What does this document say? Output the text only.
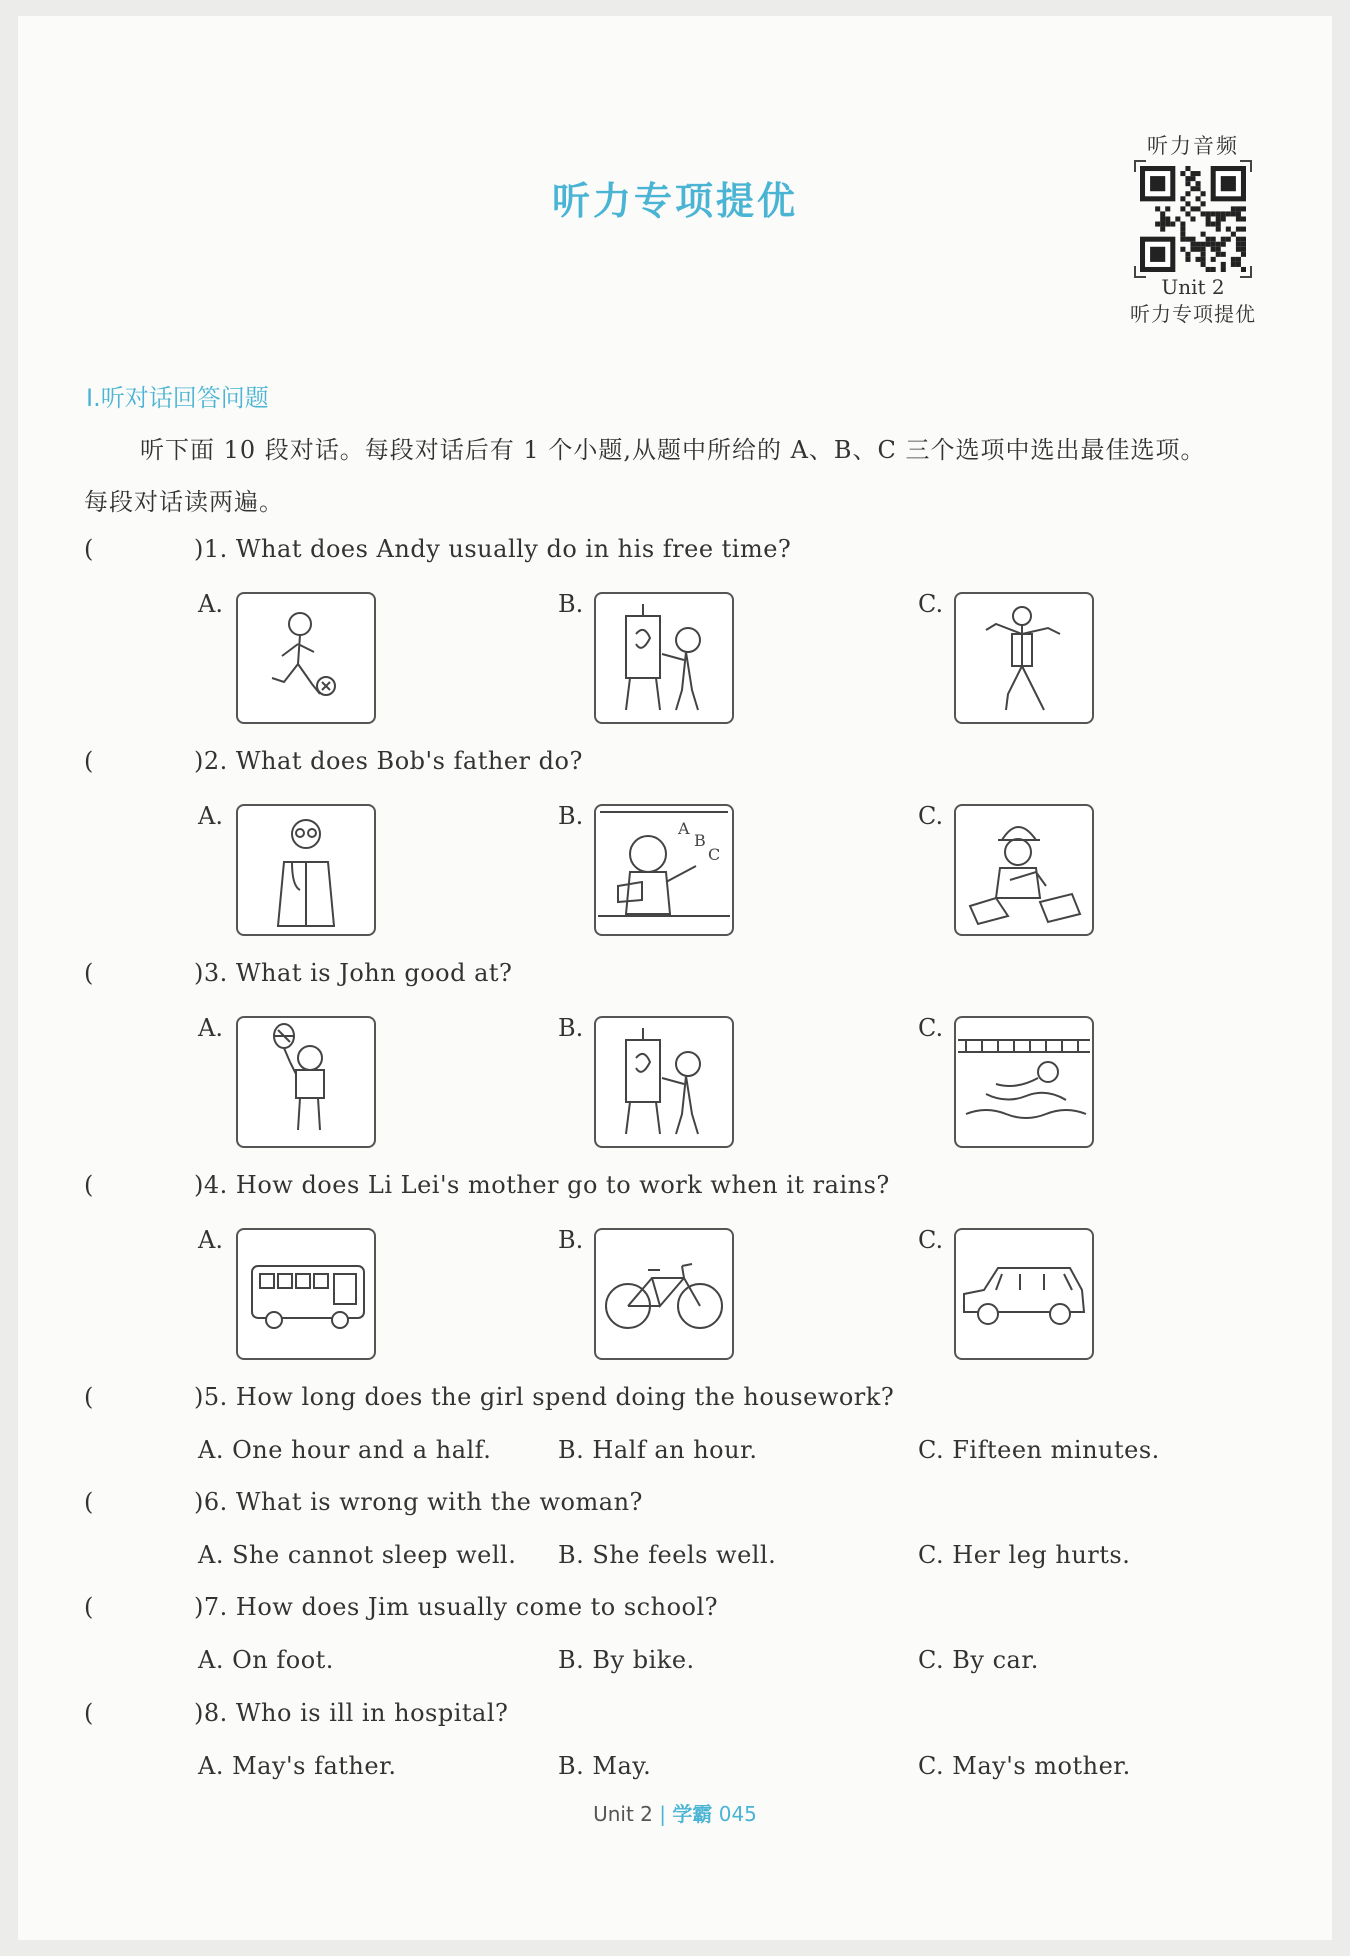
听力专项提优
听力音频
Unit 2
听力专项提优
Ⅰ.听对话回答问题
听下面 10 段对话。每段对话后有 1 个小题,从题中所给的 A、B、C 三个选项中选出最佳选项。
每段对话读两遍。
(	)1. What does Andy usually do in his free time?
A.	B.	C.
(	)2. What does Bob's father do?
A.	B.	A
B
C
C.
(	)3. What is John good at?
A.	B.	C.
(	)4. How does Li Lei's mother go to work when it rains?
A.	B.	C.
(	)5. How long does the girl spend doing the housework?
A. One hour and a half.	B. Half an hour.	C. Fifteen minutes.
(	)6. What is wrong with the woman?
A. She cannot sleep well. B. She feels well.	C. Her leg hurts.
(	)7. How does Jim usually come to school?
A. On foot.	B. By bike.	C. By car.
(	)8. Who is ill in hospital?
A. May's father.	B. May.	C. May's mother.
Unit 2 | 学霸 045
